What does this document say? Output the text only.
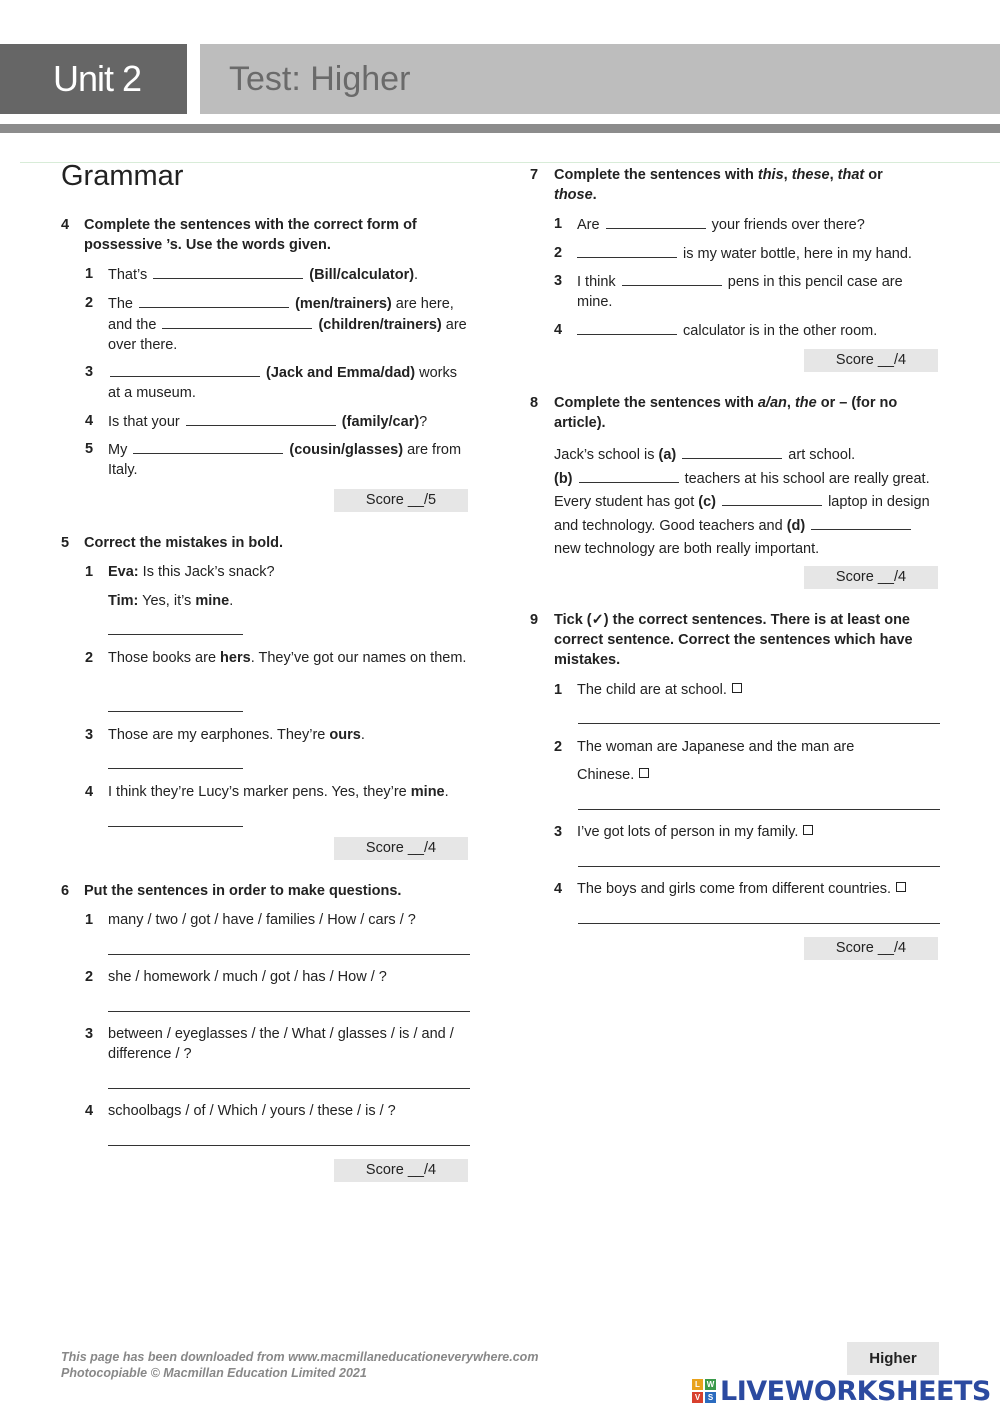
Unit 2	Test: Higher
Grammar
4 Complete the sentences with the correct form of possessive ’s. Use the words given.
1 That’s	(Bill/calculator).
2 The	(men/trainers) are here, and the	(children/trainers) are over there.
3	(Jack and Emma/dad) works at a museum.
4 Is that your	(family/car)?
5 My	(cousin/glasses) are from Italy.
Score __/5
5 Correct the mistakes in bold.
1 Eva: Is this Jack’s snack?
Tim: Yes, it’s mine.
2 Those books are hers. They’ve got our names on them.
3 Those are my earphones. They’re ours.
4 I think they’re Lucy’s marker pens. Yes, they’re mine.
Score __/4
6 Put the sentences in order to make questions.
1 many / two / got / have / families / How / cars / ?
2 she / homework / much / got / has / How / ?
3 between / eyeglasses / the / What / glasses / is / and / difference / ?
4 schoolbags / of / Which / yours / these / is / ?
Score __/4
7 Complete the sentences with this, these, that or those.
1 Are	your friends over there?
2	is my water bottle, here in my hand.
3 I think	pens in this pencil case are mine.
4	calculator is in the other room.
Score __/4
8 Complete the sentences with a/an, the or – (for no article).
Jack’s school is (a)	art school.
(b)	teachers at his school are really great.
Every student has got (c)	laptop in design
and technology. Good teachers and (d)
new technology are both really important.
Score __/4
9 Tick (✓) the correct sentences. There is at least one correct sentence. Correct the sentences which have mistakes.
1 The child are at school.
2 The woman are Japanese and the man are
Chinese.
3 I’ve got lots of person in my family.
4 The boys and girls come from different countries.
Score __/4
This page has been downloaded from www.macmillaneducationeverywhere.com
Photocopiable © Macmillan Education Limited 2021
Higher
L W
V S LIVEWORKSHEETS
